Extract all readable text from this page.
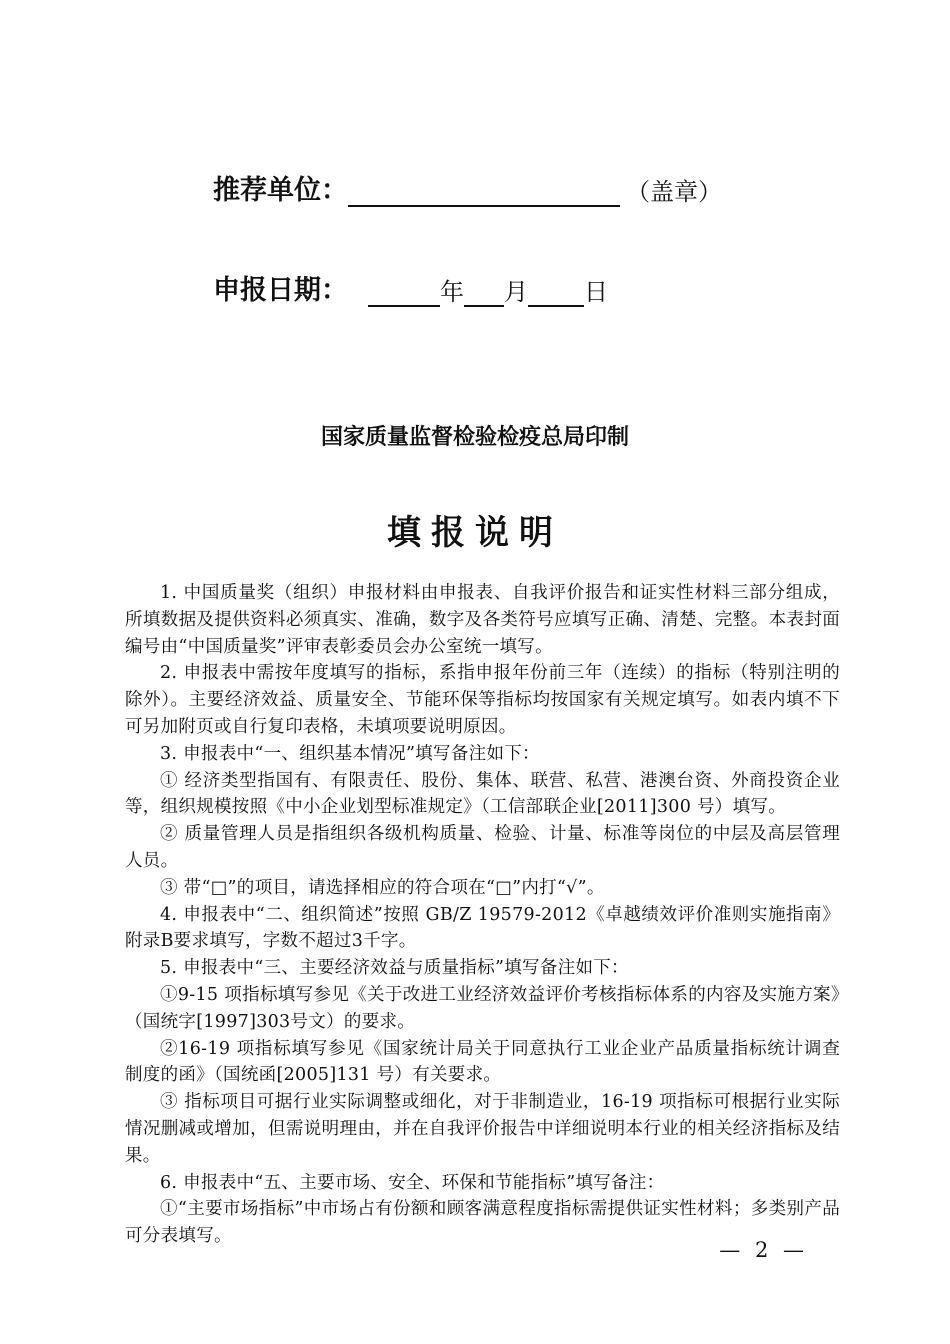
推荐单位：	（盖章）
申报日期：	年 月 日
国家质量监督检验检疫总局印制
填报说明

1. 中国质量奖（组织）申报材料由申报表、自我评价报告和证实性材料三部分组成，所填数据及提供资料必须真实、准确，数字及各类符号应填写正确、清楚、完整。本表封面编号由“中国质量奖”评审表彰委员会办公室统一填写。

2. 申报表中需按年度填写的指标，系指申报年份前三年（连续）的指标（特别注明的除外）。主要经济效益、质量安全、节能环保等指标均按国家有关规定填写。如表内填不下可另加附页或自行复印表格，未填项要说明原因。

3. 申报表中“一、组织基本情况”填写备注如下：

① 经济类型指国有、有限责任、股份、集体、联营、私营、港澳台资、外商投资企业等，组织规模按照《中小企业划型标准规定》（工信部联企业[2011]300 号）填写。

② 质量管理人员是指组织各级机构质量、检验、计量、标准等岗位的中层及高层管理人员。

③ 带“□”的项目，请选择相应的符合项在“□”内打“√”。

4. 申报表中“二、组织简述”按照 GB/Z 19579-2012《卓越绩效评价准则实施指南》附录B要求填写，字数不超过3千字。

5. 申报表中“三、主要经济效益与质量指标”填写备注如下：

①9-15 项指标填写参见《关于改进工业经济效益评价考核指标体系的内容及实施方案》（国统字[1997]303号文）的要求。

②16-19 项指标填写参见《国家统计局关于同意执行工业企业产品质量指标统计调查制度的函》（国统函[2005]131 号）有关要求。

③ 指标项目可据行业实际调整或细化，对于非制造业，16-19 项指标可根据行业实际情况删减或增加，但需说明理由，并在自我评价报告中详细说明本行业的相关经济指标及结果。

6. 申报表中“五、主要市场、安全、环保和节能指标”填写备注：

①“主要市场指标”中市场占有份额和顾客满意程度指标需提供证实性材料；多类别产品可分表填写。

— 2 —
